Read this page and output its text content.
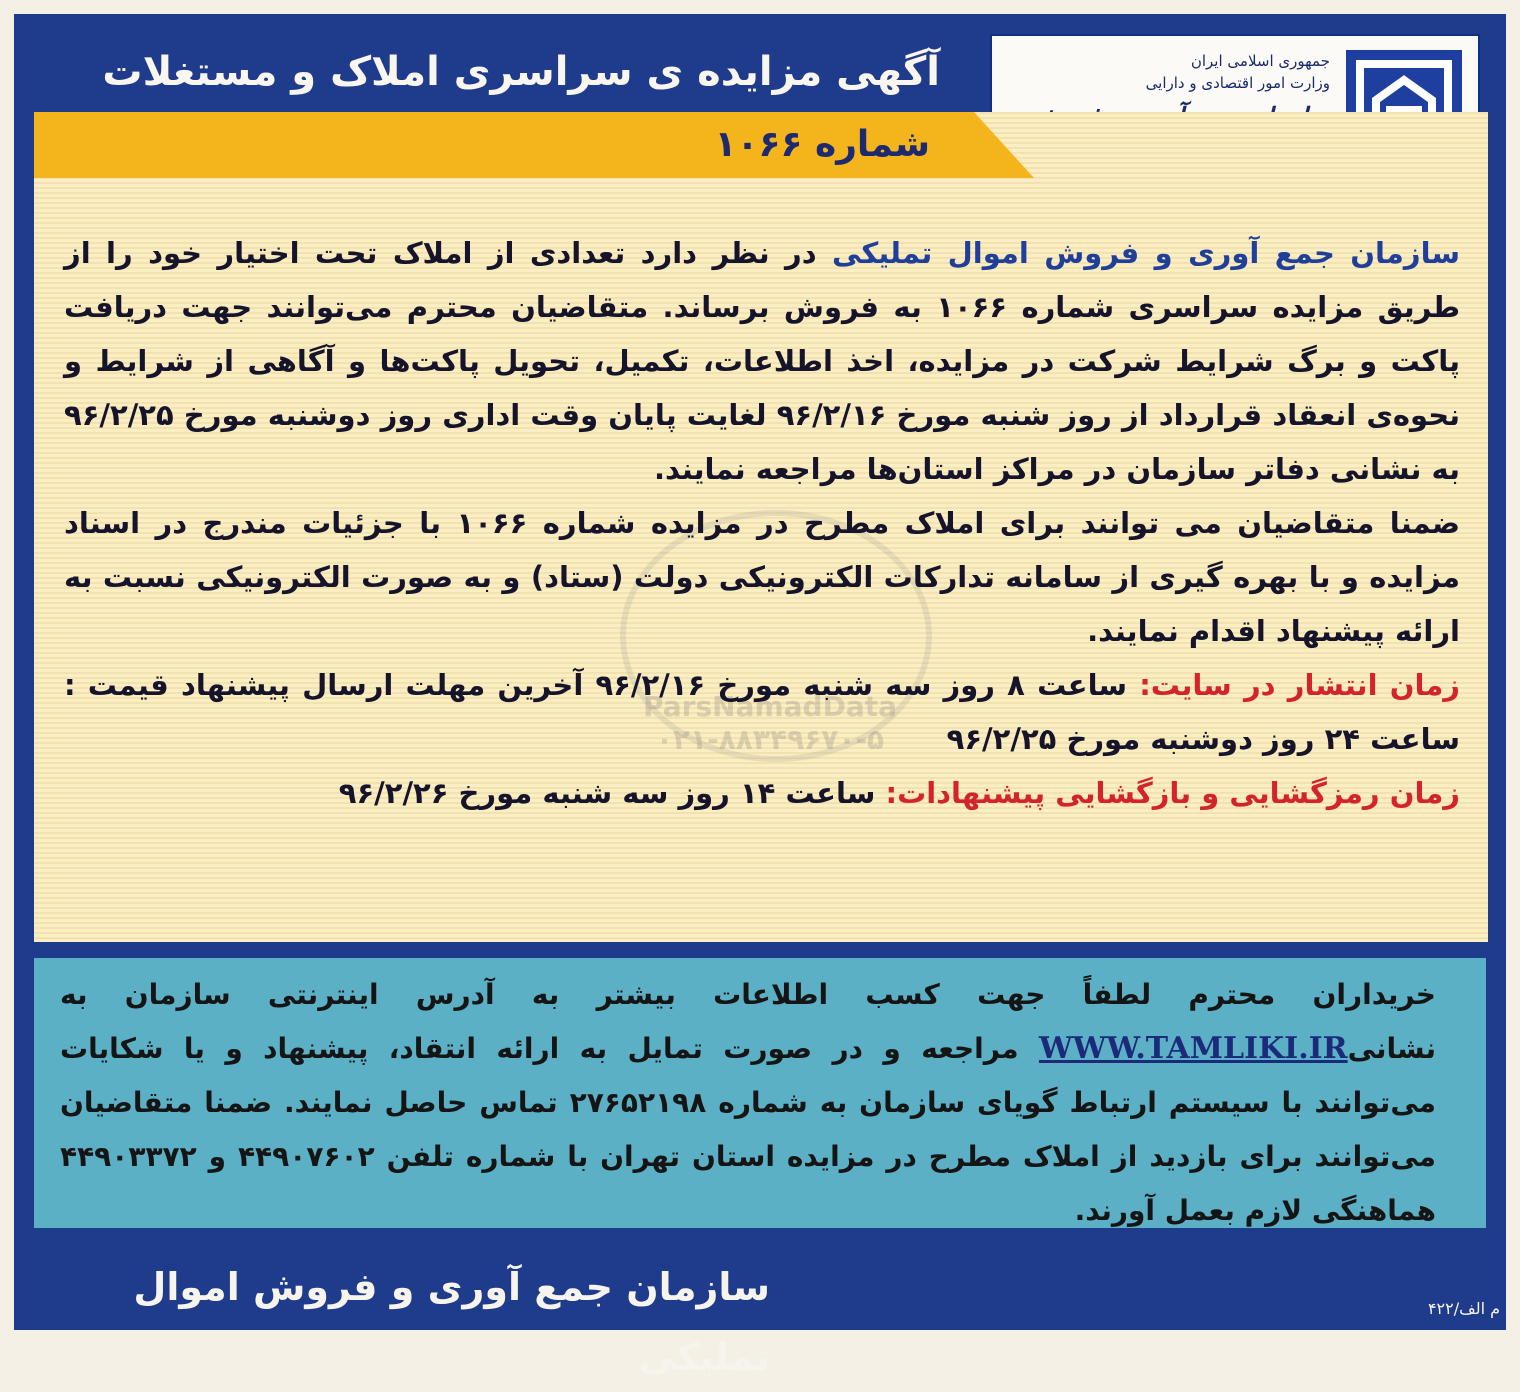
آگهی مزایده ی سراسری املاک و مستغلات	جمهوری اسلامی ایران
وزارت امور اقتصادی و دارایی
شماره ۱۰۶۶
ParsNamadData
۰۲۱-۸۸۳۴۹۶۷۰-۵

سازمان جمع آوری و فروش اموال تملیکی در نظر دارد تعدادی از املاک تحت اختیار خود را از طریق مزایده سراسری شماره ۱۰۶۶ به فروش برساند. متقاضیان محترم می‌توانند جهت دریافت پاکت و برگ شرایط شرکت در مزایده، اخذ اطلاعات، تکمیل، تحویل پاکت‌ها و آگاهی از شرایط و نحوه‌ی انعقاد قرارداد از روز شنبه مورخ ۹۶/۲/۱۶ لغایت پایان وقت اداری روز دوشنبه مورخ ۹۶/۲/۲۵ به نشانی دفاتر سازمان در مراکز استان‌ها مراجعه نمایند.

ضمنا متقاضیان می توانند برای املاک مطرح در مزایده شماره ۱۰۶۶ با جزئیات مندرج در اسناد مزایده و با بهره گیری از سامانه تدارکات الکترونیکی دولت (ستاد) و به صورت الکترونیکی نسبت به ارائه پیشنهاد اقدام نمایند.

زمان انتشار در سایت: ساعت ۸ روز سه شنبه مورخ ۹۶/۲/۱۶ آخرین مهلت ارسال پیشنهاد قیمت : ساعت ۲۴ روز دوشنبه مورخ ۹۶/۲/۲۵

زمان رمزگشایی و بازگشایی پیشنهادات: ساعت ۱۴ روز سه شنبه مورخ ۹۶/۲/۲۶

خریداران محترم لطفاً جهت کسب اطلاعات بیشتر به آدرس اینترنتی سازمان به نشانیWWW.TAMLIKI.IR مراجعه و در صورت تمایل به ارائه انتقاد، پیشنهاد و یا شکایات می‌توانند با سیستم ارتباط گویای سازمان به شماره ۲۷۶۵۲۱۹۸ تماس حاصل نمایند. ضمنا متقاضیان می‌توانند برای بازدید از املاک مطرح در مزایده استان تهران با شماره تلفن ۴۴۹۰۷۶۰۲ و ۴۴۹۰۳۳۷۲ هماهنگی لازم بعمل آورند.

سازمان جمع آوری و فروش اموال تملیکی
م الف/۴۲۲
